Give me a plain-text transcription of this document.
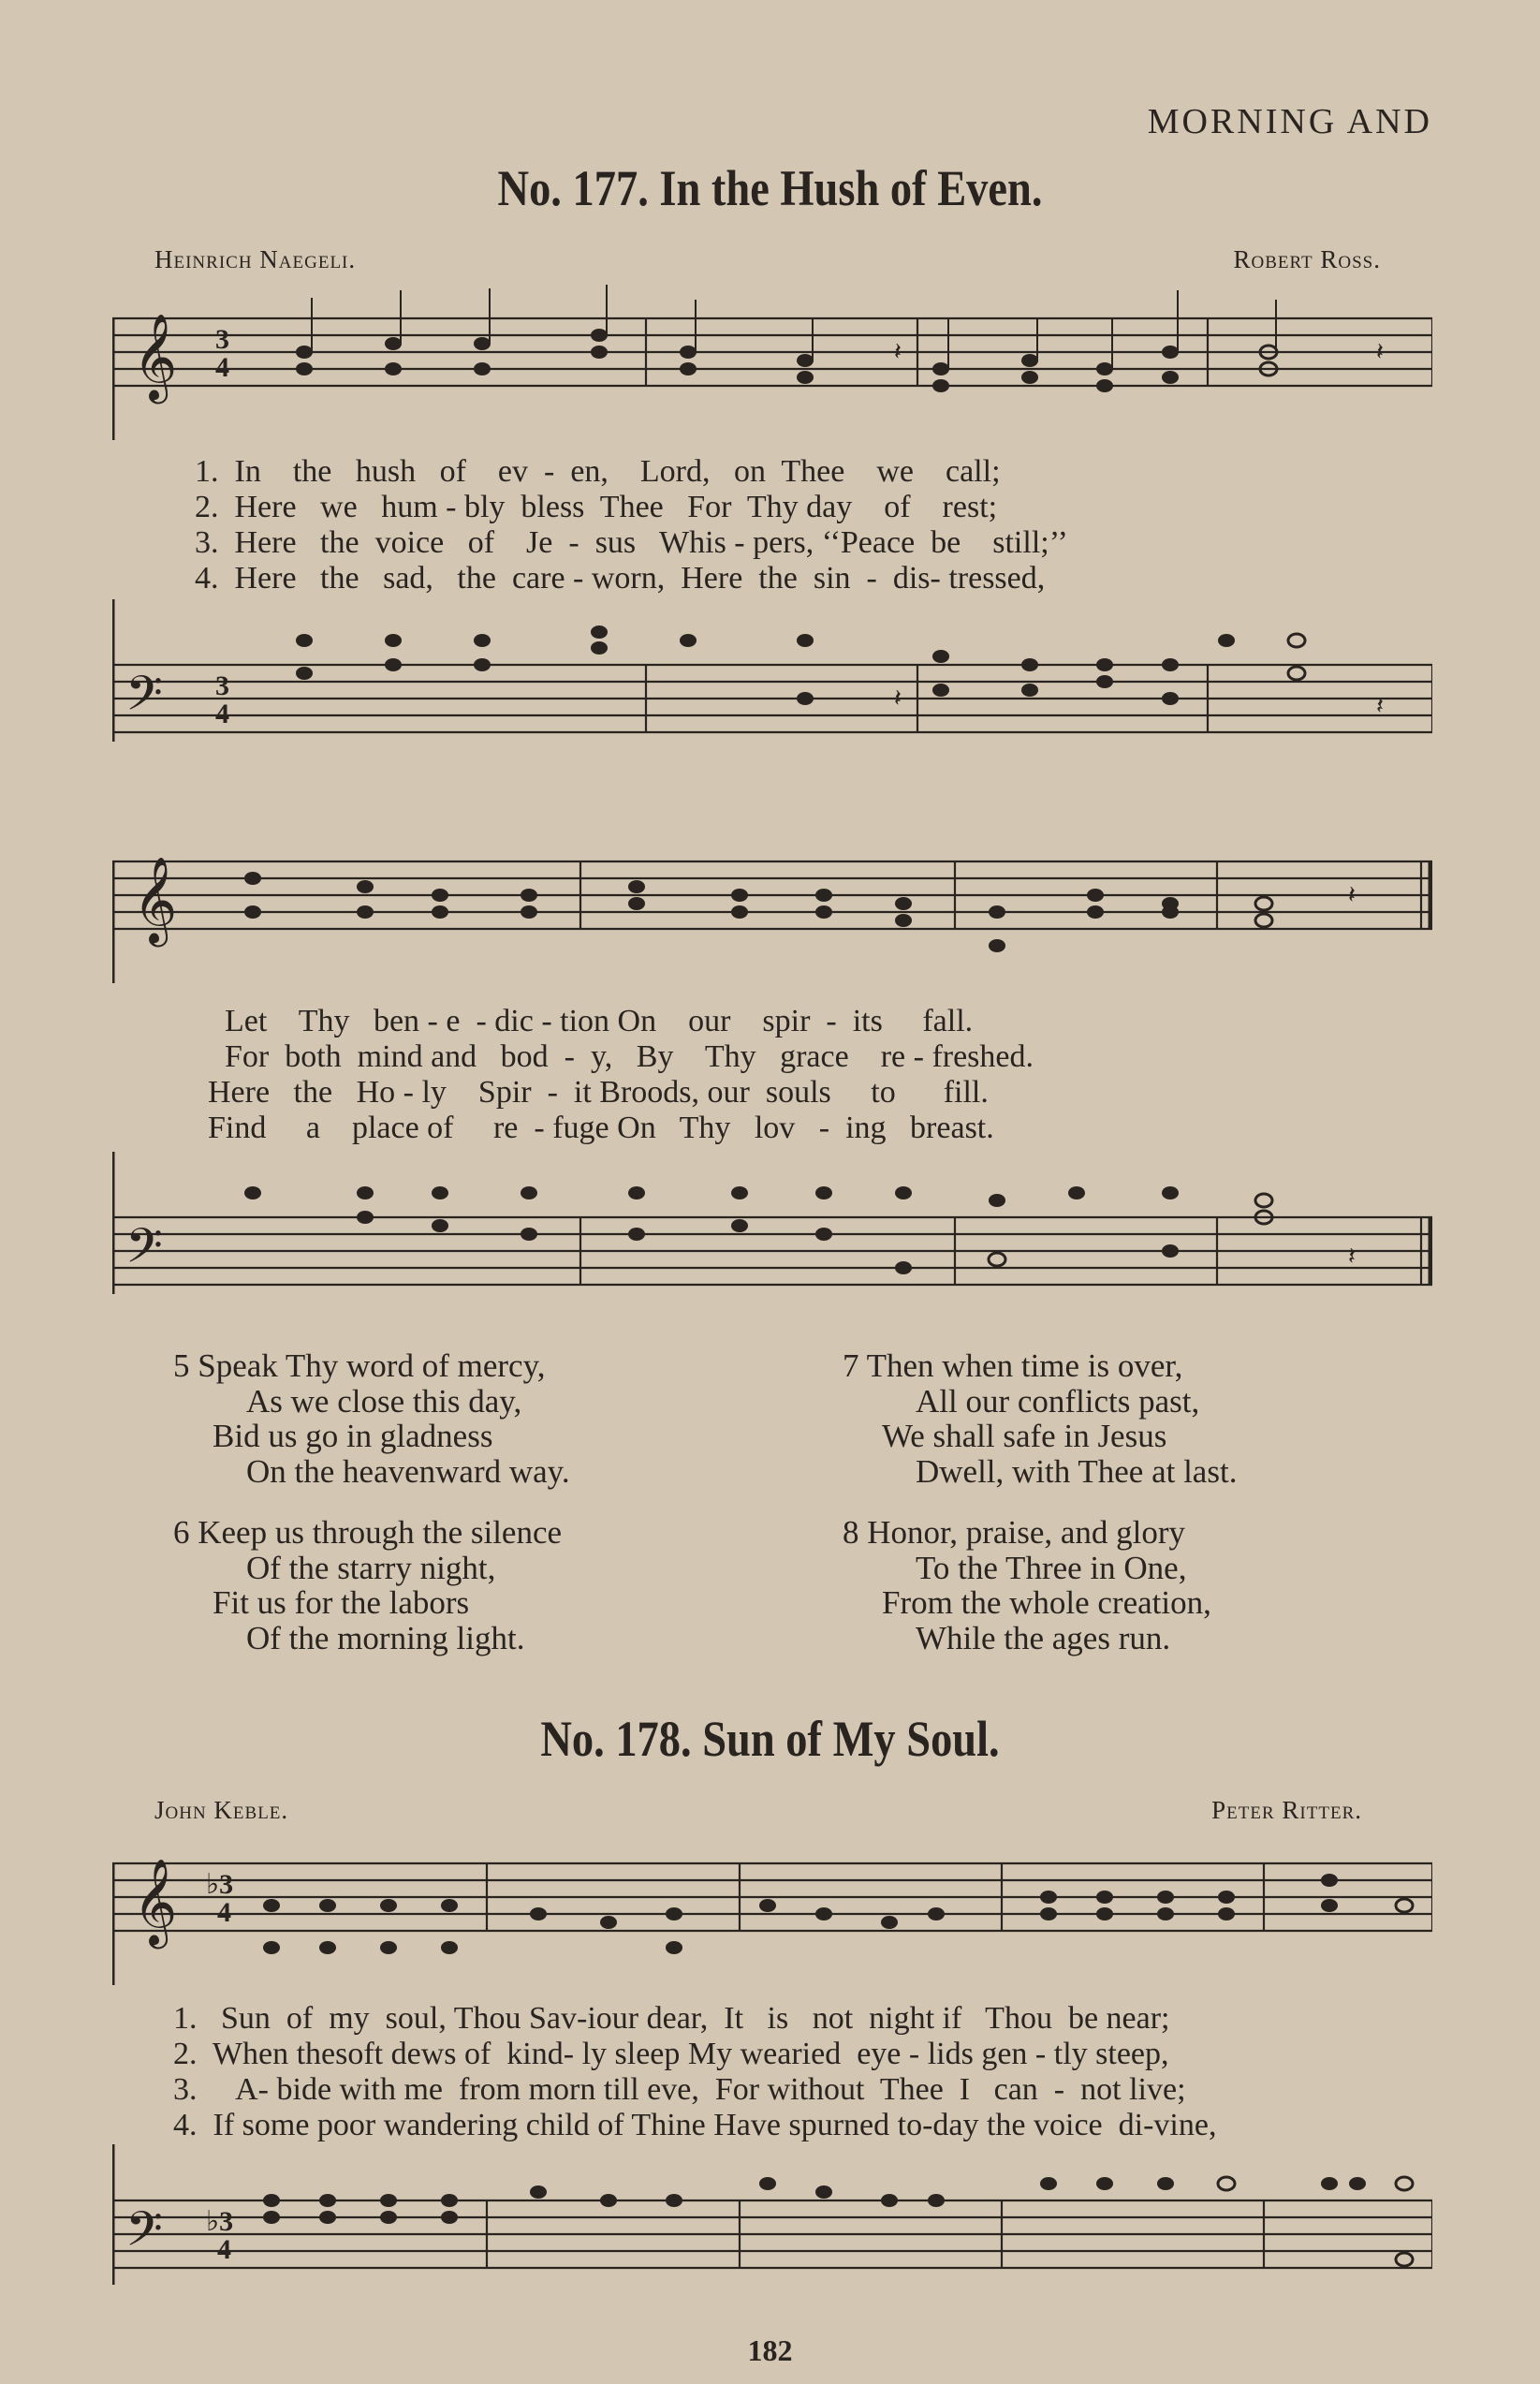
MORNING AND
No. 177. In the Hush of Even.
Heinrich Naegeli.	Robert Ross.
𝄞 3
4
𝄽	𝄽
1.  In    the   hush   of    ev  -  en,    Lord,   on  Thee    we    call;
2.  Here   we   hum - bly  bless  Thee   For  Thy day    of    rest;
3.  Here   the  voice   of    Je  -  sus   Whis - pers, ‘‘Peace  be    still;’’
4.  Here   the   sad,   the  care - worn,  Here  the  sin  -  dis- tressed,
𝄢 3
4
𝄽	𝄽
𝄞	𝄽
Let    Thy   ben - e  - dic - tion On    our    spir  -  its     fall.
For  both  mind and   bod  -  y,   By    Thy   grace    re - freshed.
Here   the   Ho - ly    Spir  -  it Broods, our  souls     to      fill.
Find     a    place of     re  - fuge On   Thy   lov   -  ing   breast.
𝄢	𝄽
5 Speak Thy word of mercy,
As we close this day,
Bid us go in gladness
On the heavenward way.
6 Keep us through the silence
Of the starry night,
Fit us for the labors
Of the morning light.
7 Then when time is over,
All our conflicts past,
We shall safe in Jesus
Dwell, with Thee at last.
8 Honor, praise, and glory
To the Three in One,
From the whole creation,
While the ages run.
No. 178. Sun of My Soul.
John Keble.	Peter Ritter.
𝄞 ♭3
4
1.   Sun  of  my  soul, Thou Sav-iour dear,  It   is   not  night if   Thou  be near;
2.  When thesoft dews of  kind- ly sleep My wearied  eye - lids gen - tly steep,
3.     A- bide with me  from morn till eve,  For without  Thee  I   can  -  not live;
4.  If some poor wandering child of Thine Have spurned to-day the voice  di-vine,
𝄢 ♭3
4
182
